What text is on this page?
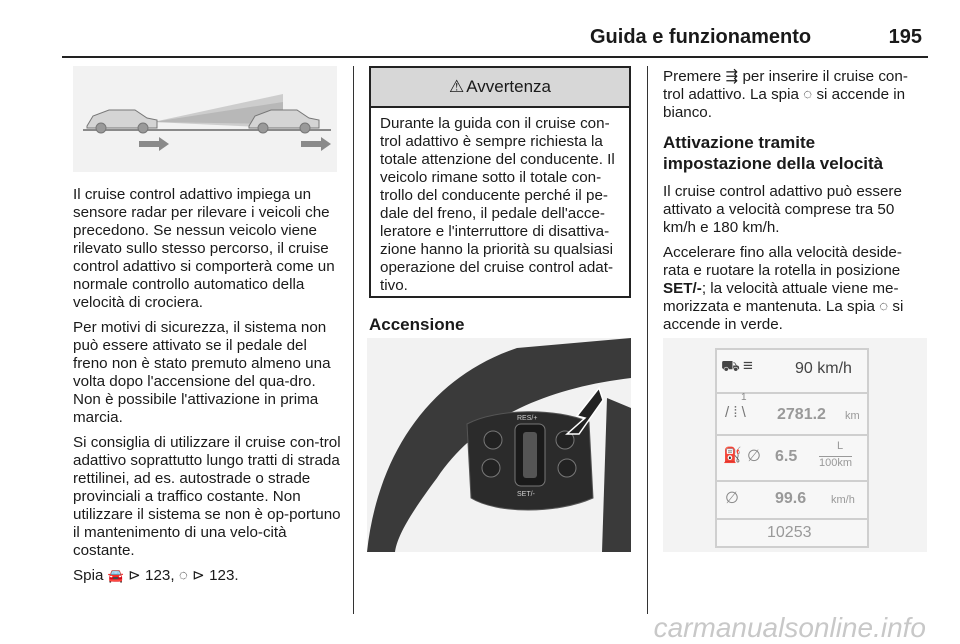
Guida e funzionamento	195

Il cruise control adattivo impiega un sensore radar per rilevare i veicoli che precedono. Se nessun veicolo viene rilevato sullo stesso percorso, il cruise control adattivo si comporterà come un normale controllo automatico della velocità di crociera.

Per motivi di sicurezza, il sistema non può essere attivato se il pedale del freno non è stato premuto almeno una volta dopo l'accensione del qua-dro. Non è possibile l'attivazione in prima marcia.

Si consiglia di utilizzare il cruise con-trol adattivo soprattutto lungo tratti di strada rettilinei, ad es. autostrade o strade provinciali a traffico costante. Non utilizzare il sistema se non è op-portuno il mantenimento di una velo-cità costante.

Spia 🚘 ⊳ 123, ◌ ⊳ 123.

⚠ Avvertenza
Durante la guida con il cruise con-trol adattivo è sempre richiesta la totale attenzione del conducente. Il veicolo rimane sotto il totale con-trollo del conducente perché il pe-dale del freno, il pedale dell'acce-leratore e l'interruttore di disattiva-zione hanno la priorità su qualsiasi operazione del cruise control adat-tivo.
Accensione
RES/+
SET/-

Premere ⇶ per inserire il cruise con-trol adattivo. La spia ◌ si accende in bianco.

Attivazione tramite impostazione della velocità

Il cruise control adattivo può essere attivato a velocità comprese tra 50 km/h e 180 km/h.

Accelerare fino alla velocità deside-rata e ruotare la rotella in posizione SET/-; la velocità attuale viene me-morizzata e mantenuta. La spia ◌ si accende in verde.

⛟ ≡	90 km/h
1
/ ⁞ \ 2781.2 km
⛽ ∅ 6.5
L
100km
∅ 99.6 km/h
10253
carmanualsonline.info
